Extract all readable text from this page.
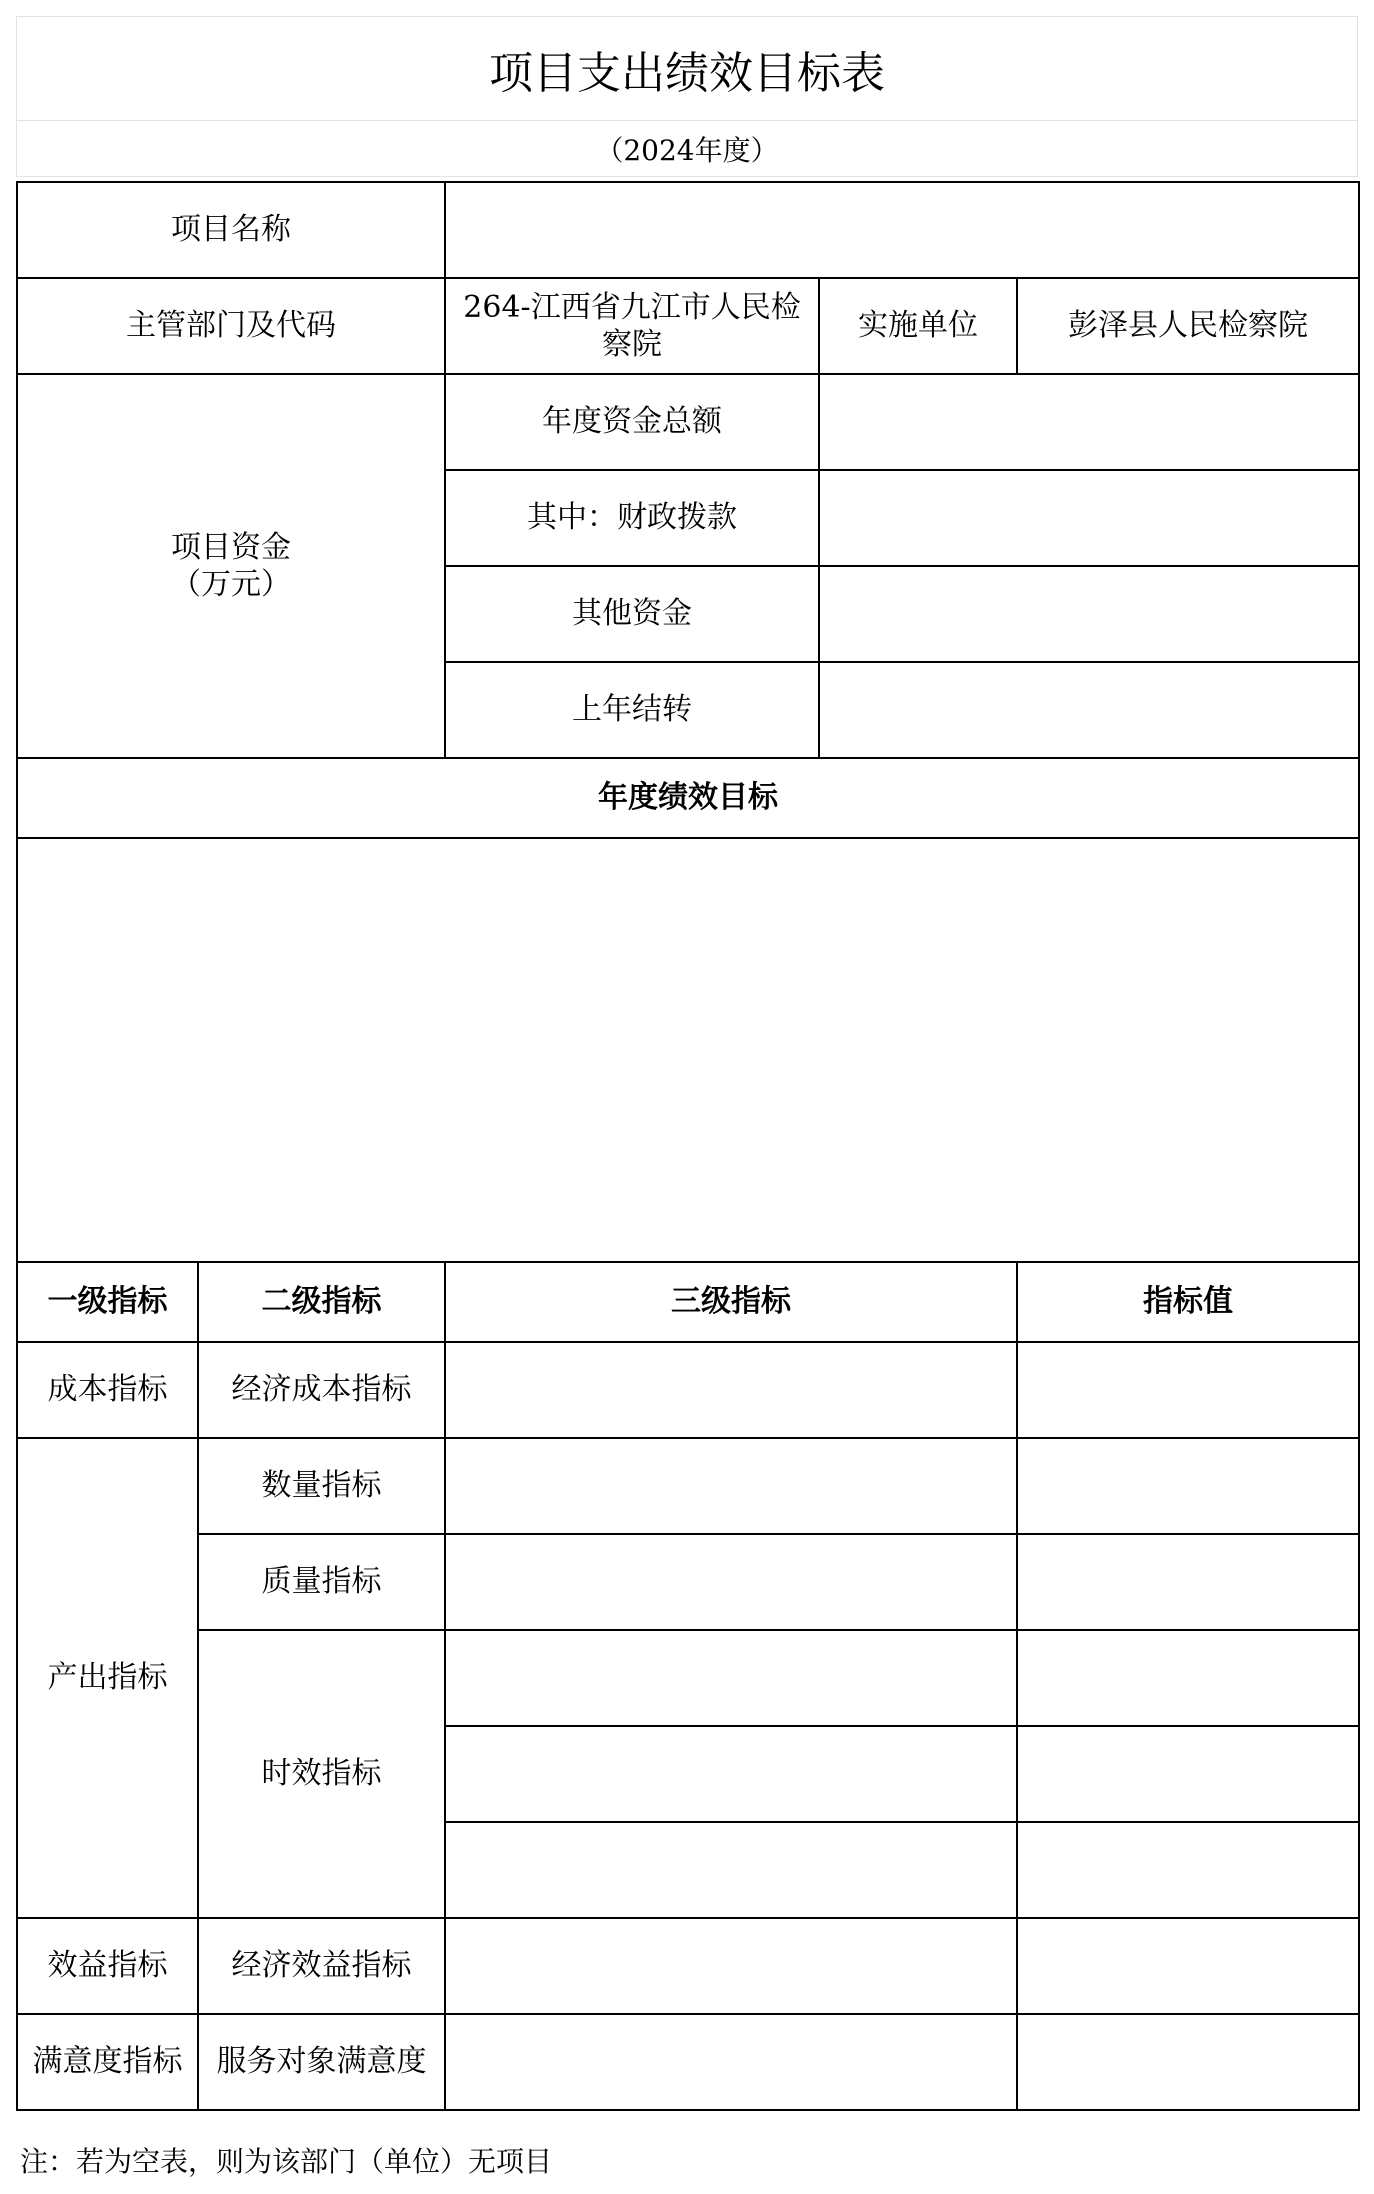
项目支出绩效目标表
（2024年度）
项目名称				
主管部门及代码		264-江西省九江市人民检察院	实施单位	彭泽县人民检察院

项目资金
（万元）		年度资金总额		
		其中：财政拨款		
		其他资金		
		上年结转		
年度绩效目标				

一级指标	二级指标	三级指标		指标值
成本指标	经济成本指标			
产出指标	数量指标			
	质量指标			
	时效指标			

效益指标	经济效益指标			
满意度指标	服务对象满意度			
注：若为空表，则为该部门（单位）无项目
